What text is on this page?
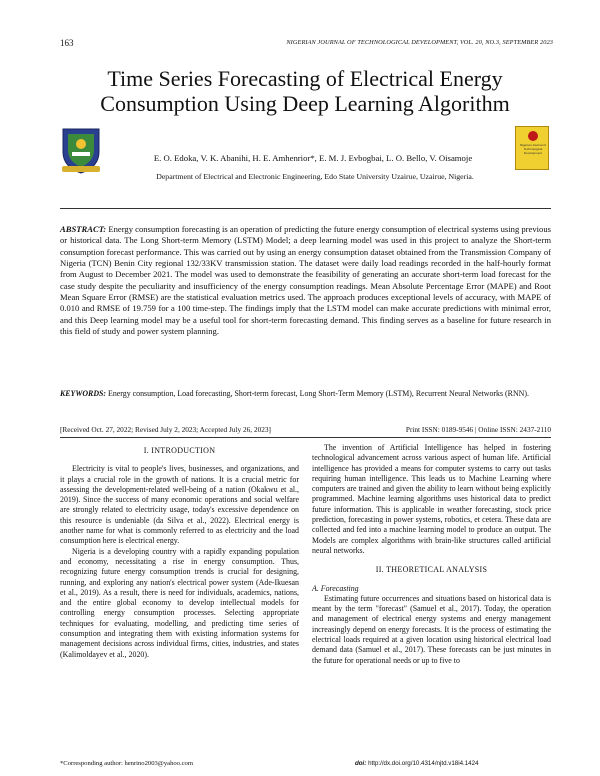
163	NIGERIAN JOURNAL OF TECHNOLOGICAL DEVELOPMENT, VOL. 20, NO.3, SEPTEMBER 2023
Time Series Forecasting of Electrical Energy
Consumption Using Deep Learning Algorithm
E. O. Edoka, V. K. Abanihi, H. E. Amhenrior*, E. M. J. Evbogbai, L. O. Bello, V. Oisamoje
Nigerian Journal of
Technological
Development
Department of Electrical and Electronic Engineering, Edo State University Uzairue, Uzairue, Nigeria.
ABSTRACT: Energy consumption forecasting is an operation of predicting the future energy consumption of electrical systems using previous or historical data. The Long Short-term Memory (LSTM) Model; a deep learning model was used in this project to analyze the Short-term consumption forecast performance. This was carried out by using an energy consumption dataset obtained from the Transmission Company of Nigeria (TCN) Benin City regional 132/33KV transmission station. The dataset were daily load readings recorded in the half-hourly format from August to December 2021. The model was used to demonstrate the feasibility of generating an accurate short-term load forecast for the case study despite the peculiarity and insufficiency of the energy consumption readings. Mean Absolute Percentage Error (MAPE) and Root Mean Square Error (RMSE) are the statistical evaluation metrics used. The approach produces exceptional levels of accuracy, with MAPE of 0.010 and RMSE of 19.759 for a 100 time-step. The findings imply that the LSTM model can make accurate predictions with minimal error, and this Deep learning model may be a useful tool for short-term forecasting demand. This finding serves as a baseline for future research in this field of study and power system planning.
KEYWORDS: Energy consumption, Load forecasting, Short-term forecast, Long Short-Term Memory (LSTM), Recurrent Neural Networks (RNN).
[Received Oct. 27, 2022; Revised July 2, 2023; Accepted July 26, 2023]	Print ISSN: 0189-9546 | Online ISSN: 2437-2110

I. INTRODUCTION

Electricity is vital to people's lives, businesses, and organizations, and it plays a crucial role in the growth of nations. It is a crucial metric for assessing the development-related well-being of a nation (Okakwu et al., 2019). Since the success of many economic operations and social welfare are strongly related to electricity usage, today's excessive dependence on this resource is undeniable (da Silva et al., 2022). Electrical energy is another name for what is commonly referred to as electricity and the load consumption here is electrical energy.

Nigeria is a developing country with a rapidly expanding population and economy, necessitating a rise in energy consumption. Thus, recognizing future energy consumption trends is crucial for designing, running, and exploring any nation's electrical power system (Ade-Ikuesan et al., 2019). As a result, there is need for individuals, academics, nations, and the entire global economy to develop intellectual models for controlling energy consumption processes. Selecting appropriate techniques for evaluating, modelling, and predicting time series of consumption and integrating them with existing information systems for management decisions across individual firms, cities, industries, and states (Kalimoldayev et al., 2020).

The invention of Artificial Intelligence has helped in fostering technological advancement across various aspect of human life. Artificial intelligence has provided a means for computer systems to carry out tasks requiring human intelligence. This leads us to Machine Learning where computers are trained and given the ability to learn without being explicitly programmed. Machine learning algorithms uses historical data to predict future information. This is applicable in weather forecasting, stock price prediction, forecasting in power systems, robotics, et cetera. These data are collected and fed into a machine learning model to produce an output. The Models are complex algorithms with brain-like structures called artificial neural networks.

II. THEORETICAL ANALYSIS

A. Forecasting

Estimating future occurrences and situations based on historical data is meant by the term "forecast" (Samuel et al., 2017). Today, the operation and management of electrical energy systems and energy management increasingly depend on energy forecasts. It is the process of estimating the electrical loads required at a given location using historical electrical load demand data (Samuel et al., 2017). These forecasts can be just minutes in the future for operational needs or up to five to

*Corresponding author: henrino2003@yahoo.com	doi: http://dx.doi.org/10.4314/njtd.v18i4.1424
